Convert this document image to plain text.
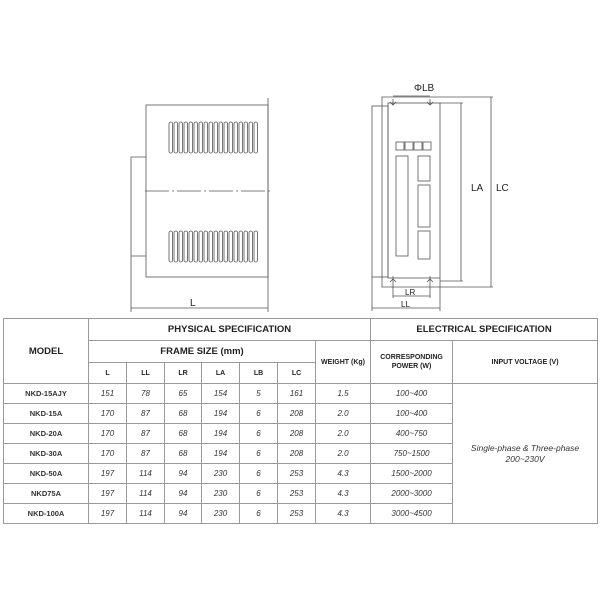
L
ΦLB
LA LC
LR
LL
MODEL	PHYSICAL SPECIFICATION							ELECTRICAL SPECIFICATION	
	FRAME SIZE (mm)						WEIGHT (Kg)	CORRESPONDING POWER (W)	INPUT VOLTAGE (V)
	L	LL	LR	LA	LB	LC			
NKD-15AJY	151	78	65	154	5	161	1.5	100~400	Single-phase & Three-phase 200~230V
NKD-15A	170	87	68	194	6	208	2.0	100~400	
NKD-20A	170	87	68	194	6	208	2.0	400~750	
NKD-30A	170	87	68	194	6	208	2.0	750~1500	
NKD-50A	197	114	94	230	6	253	4.3	1500~2000	
NKD75A	197	114	94	230	6	253	4.3	2000~3000	
NKD-100A	197	114	94	230	6	253	4.3	3000~4500	
